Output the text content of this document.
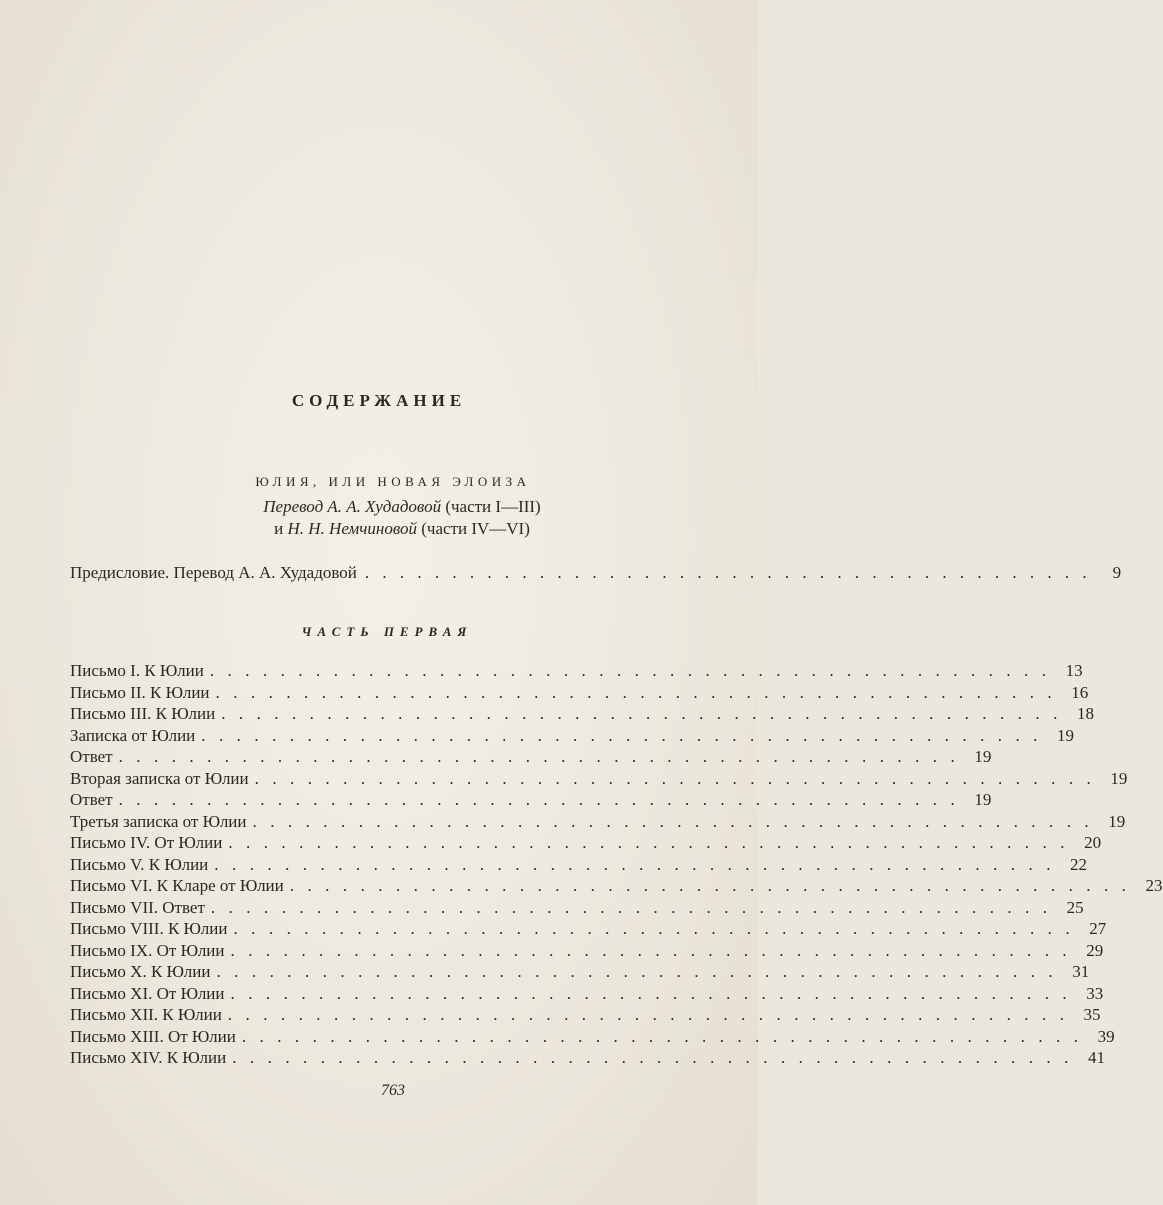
СОДЕРЖАНИЕ
ЮЛИЯ, ИЛИ НОВАЯ ЭЛОИЗА
Перевод А. А. Худадовой (части I—III)
и Н. Н. Немчиновой (части IV—VI)
Предисловие. Перевод А. А. Худадовой . . . . . . . . . . . . . . . . . . . . . . . . . . . . . . . . . . . . . . . . . .	9
ЧАСТЬ ПЕРВАЯ
Письмо I. К Юлии . . . . . . . . . . . . . . . . . . . . . . . . . . . . . . . . . . . . . . . . . . . . . . . . 13
Письмо II. К Юлии . . . . . . . . . . . . . . . . . . . . . . . . . . . . . . . . . . . . . . . . . . . . . . . . 16
Письмо III. К Юлии . . . . . . . . . . . . . . . . . . . . . . . . . . . . . . . . . . . . . . . . . . . . . . . . 18
Записка от Юлии . . . . . . . . . . . . . . . . . . . . . . . . . . . . . . . . . . . . . . . . . . . . . . . . 19
Ответ . . . . . . . . . . . . . . . . . . . . . . . . . . . . . . . . . . . . . . . . . . . . . . . . 19
Вторая записка от Юлии . . . . . . . . . . . . . . . . . . . . . . . . . . . . . . . . . . . . . . . . . . . . . . . . 19
Ответ . . . . . . . . . . . . . . . . . . . . . . . . . . . . . . . . . . . . . . . . . . . . . . . . 19
Третья записка от Юлии . . . . . . . . . . . . . . . . . . . . . . . . . . . . . . . . . . . . . . . . . . . . . . . . 19
Письмо IV. От Юлии . . . . . . . . . . . . . . . . . . . . . . . . . . . . . . . . . . . . . . . . . . . . . . . . 20
Письмо V. К Юлии . . . . . . . . . . . . . . . . . . . . . . . . . . . . . . . . . . . . . . . . . . . . . . . . 22
Письмо VI. К Кларе от Юлии . . . . . . . . . . . . . . . . . . . . . . . . . . . . . . . . . . . . . . . . . . . . . . . . 23
Письмо VII. Ответ . . . . . . . . . . . . . . . . . . . . . . . . . . . . . . . . . . . . . . . . . . . . . . . . 25
Письмо VIII. К Юлии . . . . . . . . . . . . . . . . . . . . . . . . . . . . . . . . . . . . . . . . . . . . . . . . 27
Письмо IX. От Юлии . . . . . . . . . . . . . . . . . . . . . . . . . . . . . . . . . . . . . . . . . . . . . . . . 29
Письмо X. К Юлии . . . . . . . . . . . . . . . . . . . . . . . . . . . . . . . . . . . . . . . . . . . . . . . . 31
Письмо XI. От Юлии . . . . . . . . . . . . . . . . . . . . . . . . . . . . . . . . . . . . . . . . . . . . . . . . 33
Письмо XII. К Юлии . . . . . . . . . . . . . . . . . . . . . . . . . . . . . . . . . . . . . . . . . . . . . . . . 35
Письмо XIII. От Юлии . . . . . . . . . . . . . . . . . . . . . . . . . . . . . . . . . . . . . . . . . . . . . . . . 39
Письмо XIV. К Юлии . . . . . . . . . . . . . . . . . . . . . . . . . . . . . . . . . . . . . . . . . . . . . . . . 41
763
